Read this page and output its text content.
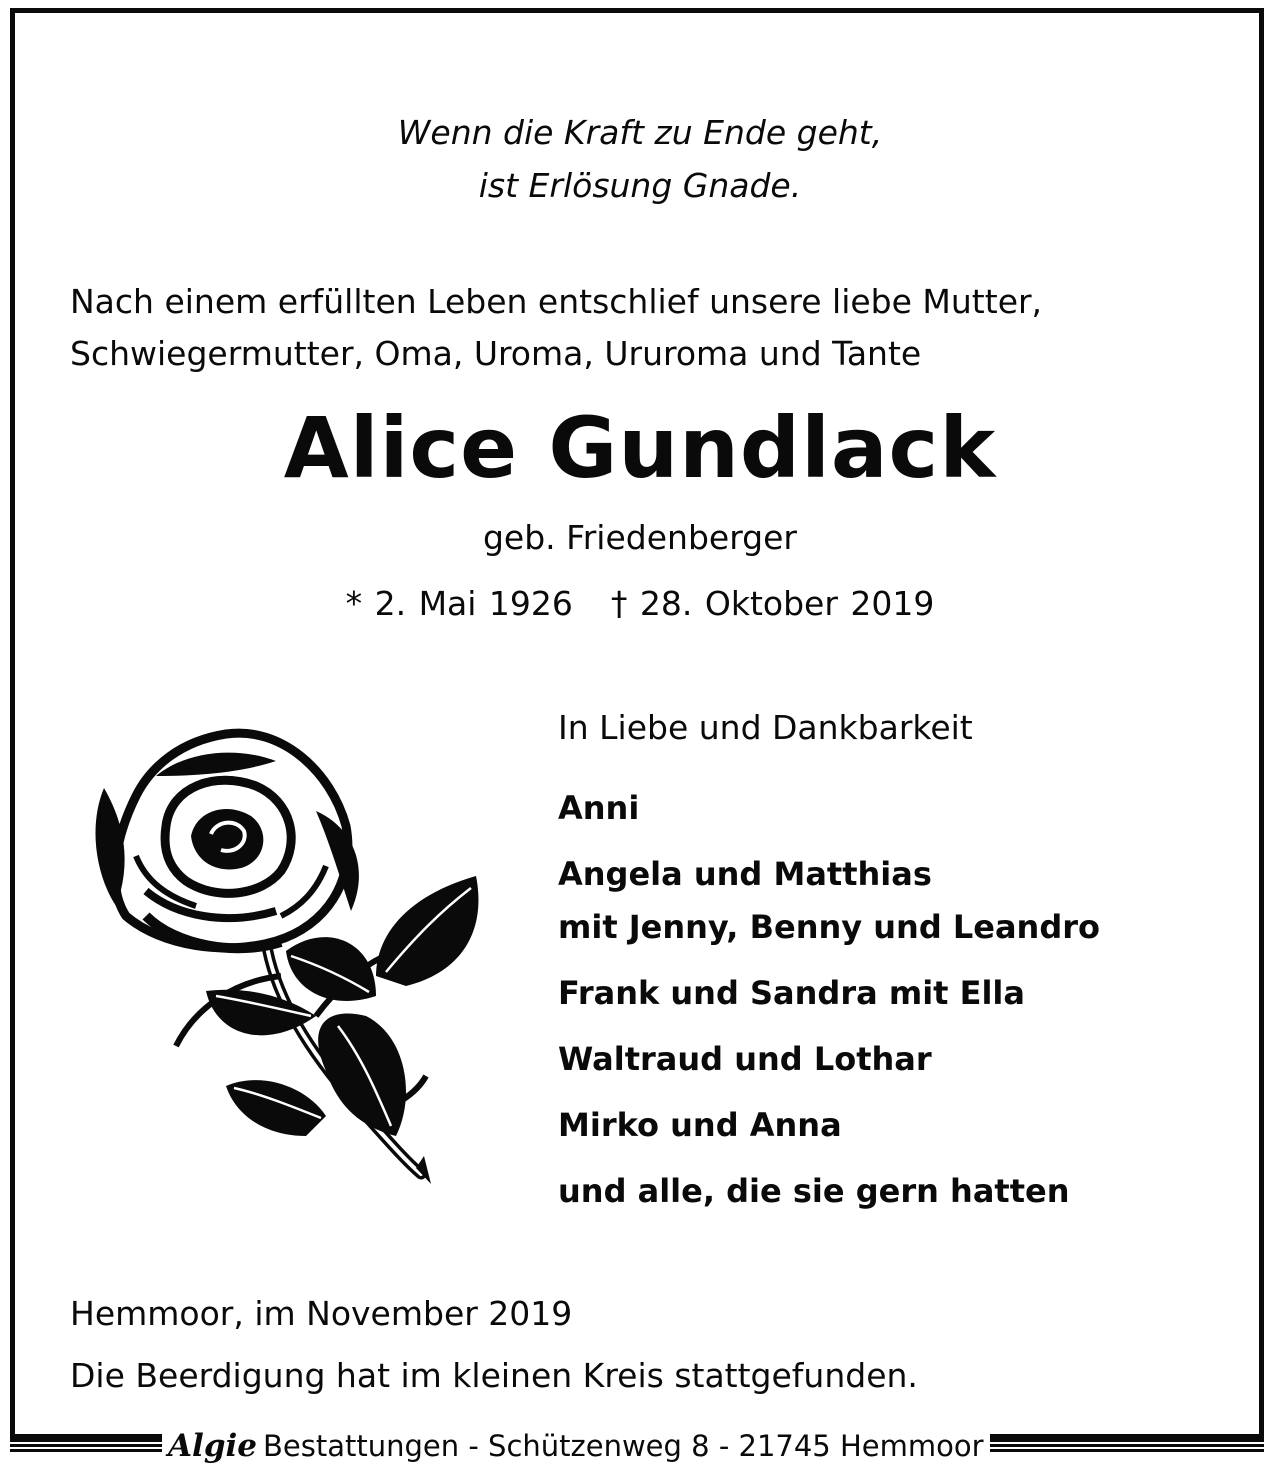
Wenn die Kraft zu Ende geht,
ist Erlösung Gnade.
Nach einem erfüllten Leben entschlief unsere liebe Mutter,
Schwiegermutter, Oma, Uroma, Ururoma und Tante
Alice Gundlack
geb. Friedenberger
* 2. Mai 1926 † 28. Oktober 2019
In Liebe und Dankbarkeit
Anni
Angela und Matthias
mit Jenny, Benny und Leandro
Frank und Sandra mit Ella
Waltraud und Lothar
Mirko und Anna
und alle, die sie gern hatten
Hemmoor, im November 2019
Die Beerdigung hat im kleinen Kreis stattgefunden.
Algie Bestattungen - Schützenweg 8 - 21745 Hemmoor
